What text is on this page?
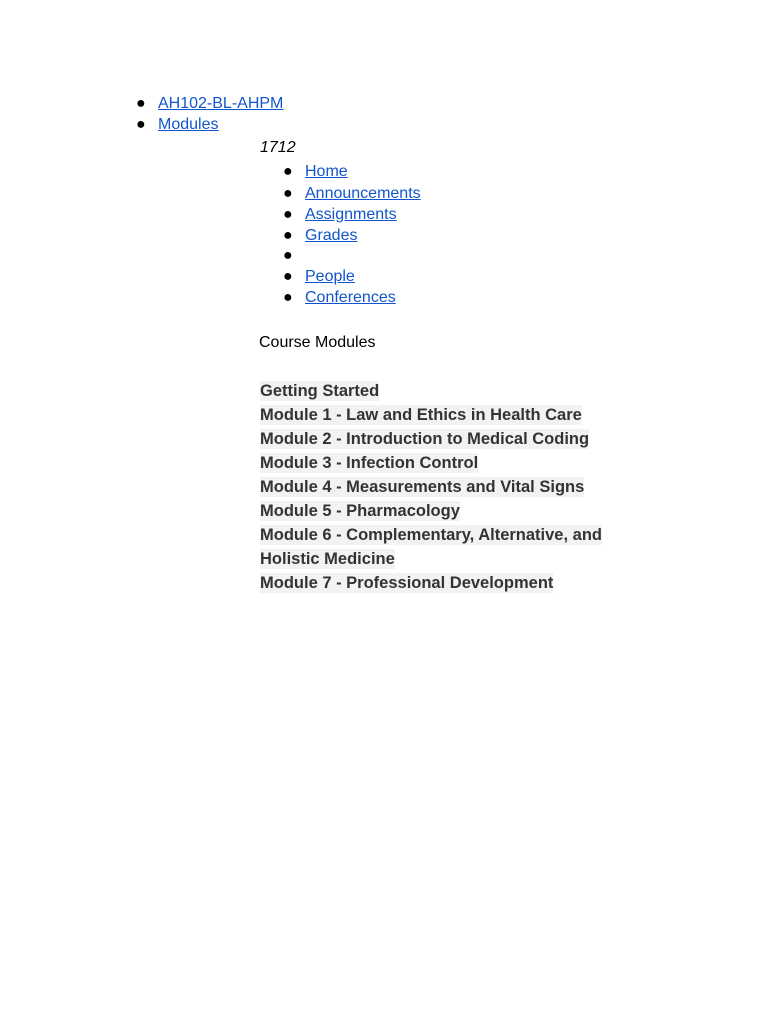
● AH102-BL-AHPM
● Modules
1712
● Home
● Announcements
● Assignments
● Grades
●
● People
● Conferences
Course Modules
Getting Started
Module 1 - Law and Ethics in Health Care
Module 2 - Introduction to Medical Coding
Module 3 - Infection Control
Module 4 - Measurements and Vital Signs
Module 5 - Pharmacology
Module 6 - Complementary, Alternative, and Holistic Medicine
Module 7 - Professional Development
